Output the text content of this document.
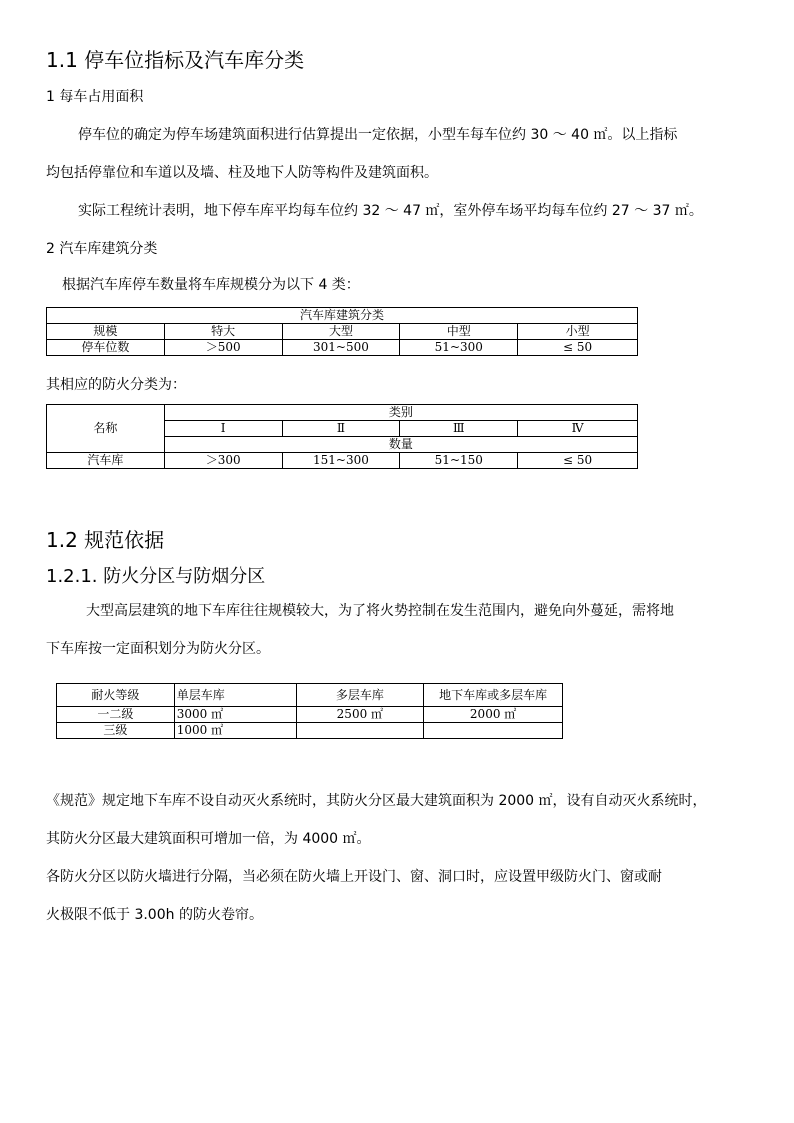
1.1 停车位指标及汽车库分类
1 每车占用面积
停车位的确定为停车场建筑面积进行估算提出一定依据，小型车每车位约 30 ～ 40 ㎡。以上指标
均包括停靠位和车道以及墙、柱及地下人防等构件及建筑面积。
实际工程统计表明，地下停车库平均每车位约 32 ～ 47 ㎡，室外停车场平均每车位约 27 ～ 37 ㎡。
2 汽车库建筑分类
根据汽车库停车数量将车库规模分为以下 4 类：
汽车库建筑分类				
规模	特大	大型	中型	小型
停车位数	＞500	301~500	51~300	≤ 50
其相应的防火分类为：
名称	类别			
	Ⅰ	Ⅱ	Ⅲ	Ⅳ
	数量			
汽车库	＞300	151~300	51~150	≤ 50
1.2 规范依据
1.2.1. 防火分区与防烟分区
大型高层建筑的地下车库往往规模较大，为了将火势控制在发生范围内，避免向外蔓延，需将地
下车库按一定面积划分为防火分区。
耐火等级	单层车库	多层车库	地下车库或多层车库
一二级	3000 ㎡	2500 ㎡	2000 ㎡
三级	1000 ㎡		
《规范》规定地下车库不设自动灭火系统时，其防火分区最大建筑面积为 2000 ㎡，设有自动灭火系统时，
其防火分区最大建筑面积可增加一倍，为 4000 ㎡。
各防火分区以防火墙进行分隔，当必须在防火墙上开设门、窗、洞口时，应设置甲级防火门、窗或耐
火极限不低于 3.00h 的防火卷帘。
